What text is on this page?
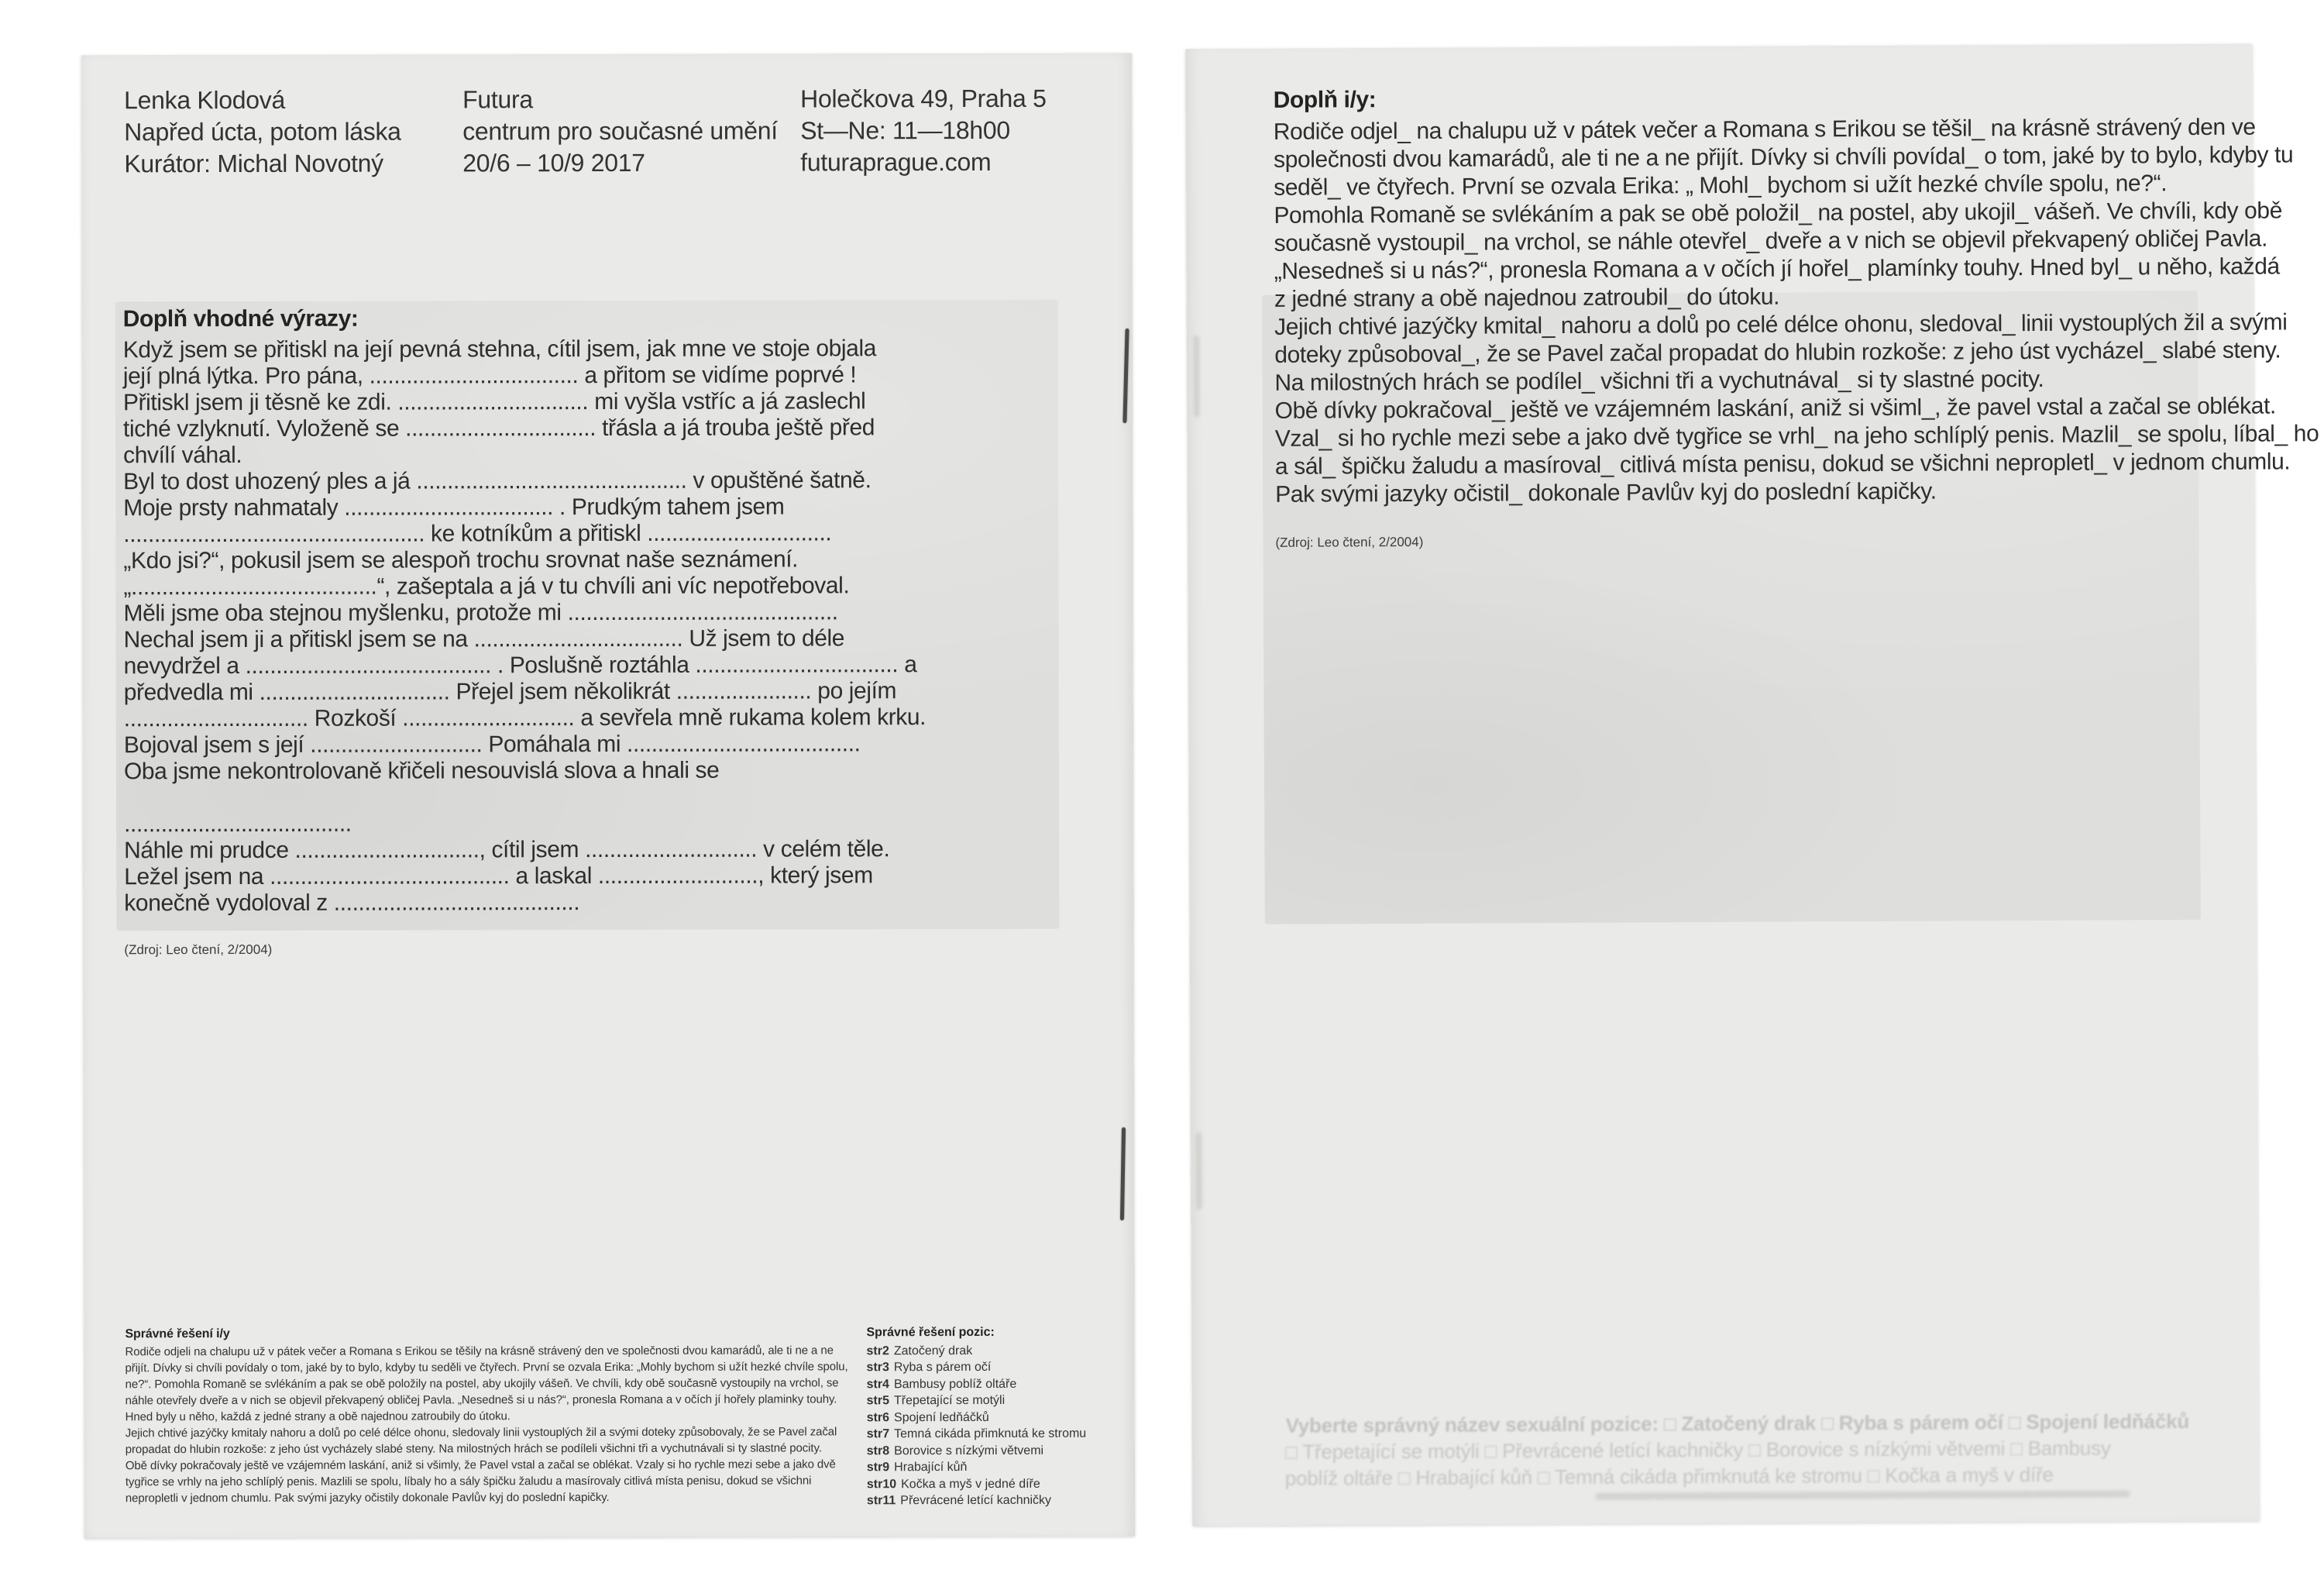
Lenka Klodová
Napřed úcta, potom láska
Kurátor: Michal Novotný
Futura
centrum pro současné umění
20/6 – 10/9 2017
Holečkova 49, Praha 5
St—Ne: 11—18h00
futuraprague.com
Doplň vhodné výrazy:
Když jsem se přitiskl na její pevná stehna, cítil jsem, jak mne ve stoje objala
její plná lýtka. Pro pána, .................................. a přitom se vidíme poprvé !
Přitiskl jsem ji těsně ke zdi. ............................... mi vyšla vstříc a já zaslechl
tiché vzlyknutí. Vyloženě se ............................... třásla a já trouba ještě před
chvílí váhal.
Byl to dost uhozený ples a já ............................................ v opuštěné šatně.
Moje prsty nahmataly .................................. . Prudkým tahem jsem
................................................. ke kotníkům a přitiskl ..............................
„Kdo jsi?“, pokusil jsem se alespoň trochu srovnat naše seznámení.
„........................................“, zašeptala a já v tu chvíli ani víc nepotřeboval.
Měli jsme oba stejnou myšlenku, protože mi ............................................
Nechal jsem ji a přitiskl jsem se na .................................. Už jsem to déle
nevydržel a ........................................ . Poslušně roztáhla ................................. a
předvedla mi ............................... Přejel jsem několikrát ...................... po jejím
.............................. Rozkoší ............................ a sevřela mně rukama kolem krku.
Bojoval jsem s její ............................ Pomáhala mi ......................................
Oba jsme nekontrolovaně křičeli nesouvislá slova a hnali se
.....................................
Náhle mi prudce .............................., cítil jsem ............................ v celém těle.
Ležel jsem na ....................................... a laskal .........................., který jsem
konečně vydoloval z ........................................
(Zdroj: Leo čtení, 2/2004)
Správné řešení i/y
Rodiče odjeli na chalupu už v pátek večer a Romana s Erikou se těšily na krásně strávený den ve společnosti dvou kamarádů, ale ti ne a ne
přijít. Dívky si chvíli povídaly o tom, jaké by to bylo, kdyby tu seděli ve čtyřech. První se ozvala Erika: „Mohly bychom si užít hezké chvíle spolu,
ne?“. Pomohla Romaně se svlékáním a pak se obě položily na postel, aby ukojily vášeň. Ve chvíli, kdy obě současně vystoupily na vrchol, se
náhle otevřely dveře a v nich se objevil překvapený obličej Pavla. „Nesedneš si u nás?“, pronesla Romana a v očích jí hořely plaminky touhy.
Hned byly u něho, každá z jedné strany a obě najednou zatroubily do útoku.
Jejich chtivé jazýčky kmitaly nahoru a dolů po celé délce ohonu, sledovaly linii vystouplých žil a svými doteky způsobovaly, že se Pavel začal
propadat do hlubin rozkoše: z jeho úst vycházely slabé steny. Na milostných hrách se podíleli všichni tři a vychutnávali si ty slastné pocity.
Obě dívky pokračovaly ještě ve vzájemném laskání, aniž si všimly, že Pavel vstal a začal se oblékat. Vzaly si ho rychle mezi sebe a jako dvě
tygřice se vrhly na jeho schlíplý penis. Mazlili se spolu, líbaly ho a sály špičku žaludu a masírovaly citlivá místa penisu, dokud se všichni
nepropletli v jednom chumlu. Pak svými jazyky očistily dokonale Pavlův kyj do poslední kapičky.
Správné řešení pozic:
str2 Zatočený drak
str3 Ryba s párem očí
str4 Bambusy poblíž oltáře
str5 Třepetající se motýli
str6 Spojení ledňáčků
str7 Temná cikáda přimknutá ke stromu
str8 Borovice s nízkými větvemi
str9 Hrabající kůň
str10 Kočka a myš v jedné díře
str11 Převrácené letící kachničky
Doplň i/y:
Rodiče odjel_ na chalupu už v pátek večer a Romana s Erikou se těšil_ na krásně strávený den ve
společnosti dvou kamarádů, ale ti ne a ne přijít. Dívky si chvíli povídal_ o tom, jaké by to bylo, kdyby tu
seděl_ ve čtyřech. První se ozvala Erika: „ Mohl_ bychom si užít hezké chvíle spolu, ne?“.
Pomohla Romaně se svlékáním a pak se obě položil_ na postel, aby ukojil_ vášeň. Ve chvíli, kdy obě
současně vystoupil_ na vrchol, se náhle otevřel_ dveře a v nich se objevil překvapený obličej Pavla.
„Nesedneš si u nás?“, pronesla Romana a v očích jí hořel_ plamínky touhy. Hned byl_ u něho, každá
z jedné strany a obě najednou zatroubil_ do útoku.
Jejich chtivé jazýčky kmital_ nahoru a dolů po celé délce ohonu, sledoval_ linii vystouplých žil a svými
doteky způsoboval_, že se Pavel začal propadat do hlubin rozkoše: z jeho úst vycházel_ slabé steny.
Na milostných hrách se podílel_ všichni tři a vychutnával_ si ty slastné pocity.
Obě dívky pokračoval_ ještě ve vzájemném laskání, aniž si všiml_, že pavel vstal a začal se oblékat.
Vzal_ si ho rychle mezi sebe a jako dvě tygřice se vrhl_ na jeho schlíplý penis. Mazlil_ se spolu, líbal_ ho
a sál_ špičku žaludu a masíroval_ citlivá místa penisu, dokud se všichni nepropletl_ v jednom chumlu.
Pak svými jazyky očistil_ dokonale Pavlův kyj do poslední kapičky.
(Zdroj: Leo čtení, 2/2004)
Vyberte správný název sexuální pozice: □ Zatočený drak □ Ryba s párem očí □ Spojení ledňáčků
□ Třepetající se motýli □ Převrácené letící kachničky □ Borovice s nízkými větvemi □ Bambusy
poblíž oltáře □ Hrabající kůň □ Temná cikáda přimknutá ke stromu □ Kočka a myš v díře
